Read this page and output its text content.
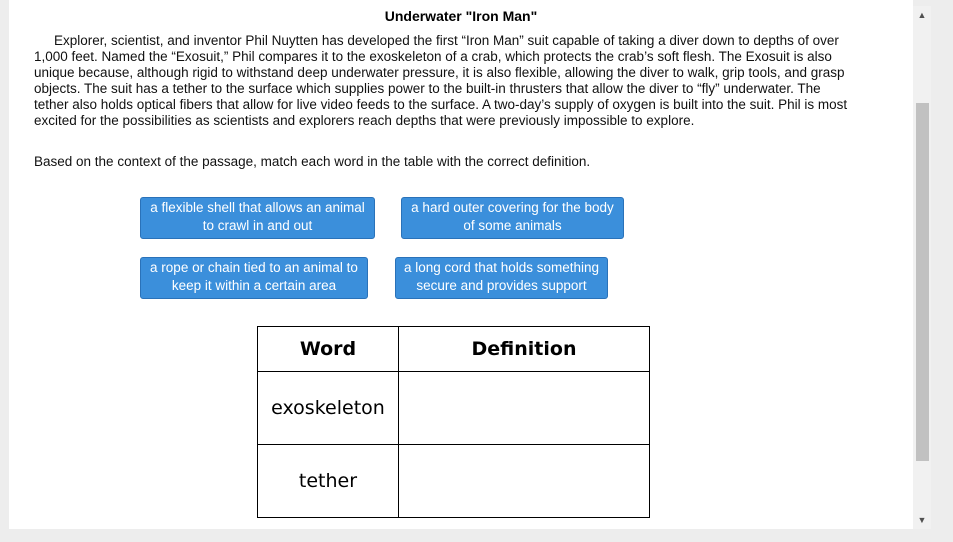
˙ ¯
Underwater "Iron Man"

Explorer, scientist, and inventor Phil Nuytten has developed the first “Iron Man” suit capable of taking a diver down to depths of over 1,000 feet. Named the “Exosuit,” Phil compares it to the exoskeleton of a crab, which protects the crab’s soft flesh. The Exosuit is also unique because, although rigid to withstand deep underwater pressure, it is also flexible, allowing the diver to walk, grip tools, and grasp objects. The suit has a tether to the surface which supplies power to the built-in thrusters that allow the diver to “fly” underwater. The tether also holds optical fibers that allow for live video feeds to the surface. A two-day’s supply of oxygen is built into the suit. Phil is most excited for the possibilities as scientists and explorers reach depths that were previously impossible to explore.

Based on the context of the passage, match each word in the table with the correct definition.

a flexible shell that allows an animal to crawl in and out
a hard outer covering for the body of some animals
a rope or chain tied to an animal to keep it within a certain area
a long cord that holds something secure and provides support
Word	Definition
exoskeleton	
tether	
▲
▼
